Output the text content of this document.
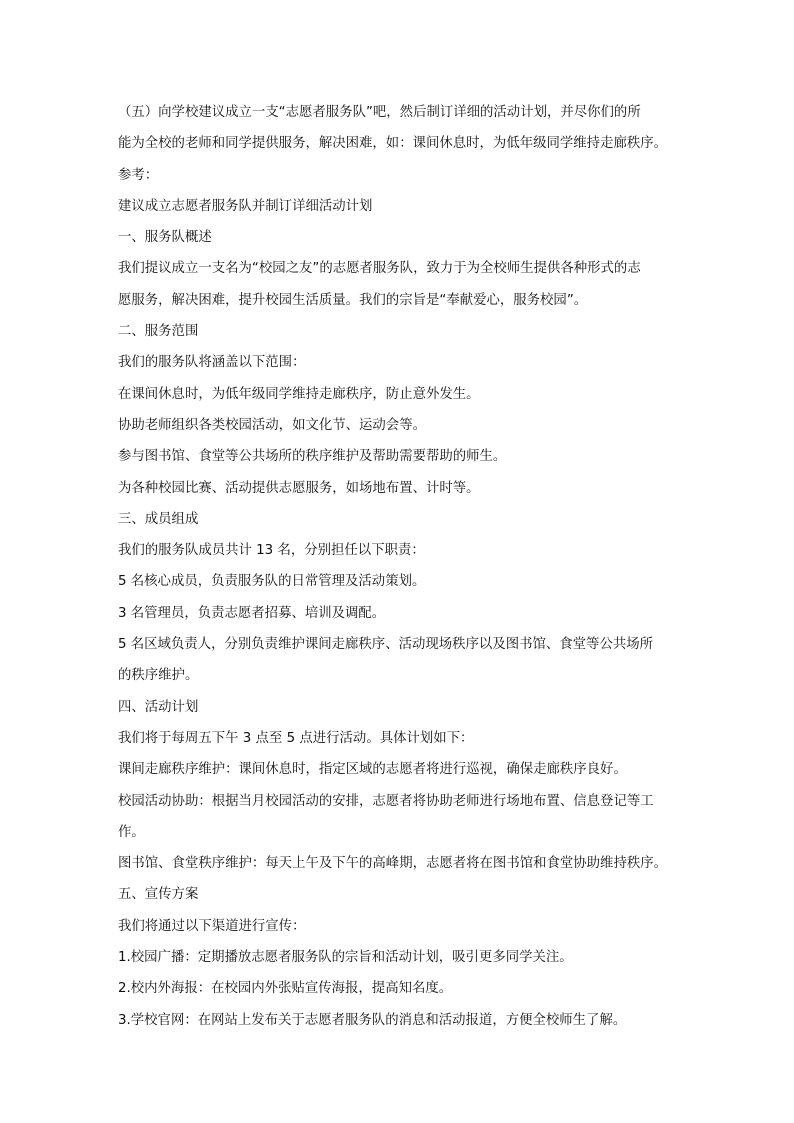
（五）向学校建议成立一支“志愿者服务队”吧，然后制订详细的活动计划，并尽你们的所
能为全校的老师和同学提供服务，解决困难，如：课间休息时，为低年级同学维持走廊秩序。
参考：
建议成立志愿者服务队并制订详细活动计划
一、服务队概述
我们提议成立一支名为“校园之友”的志愿者服务队，致力于为全校师生提供各种形式的志
愿服务，解决困难，提升校园生活质量。我们的宗旨是“奉献爱心，服务校园”。
二、服务范围
我们的服务队将涵盖以下范围：
在课间休息时，为低年级同学维持走廊秩序，防止意外发生。
协助老师组织各类校园活动，如文化节、运动会等。
参与图书馆、食堂等公共场所的秩序维护及帮助需要帮助的师生。
为各种校园比赛、活动提供志愿服务，如场地布置、计时等。
三、成员组成
我们的服务队成员共计 13 名，分别担任以下职责：
5 名核心成员，负责服务队的日常管理及活动策划。
3 名管理员，负责志愿者招募、培训及调配。
5 名区域负责人，分别负责维护课间走廊秩序、活动现场秩序以及图书馆、食堂等公共场所
的秩序维护。
四、活动计划
我们将于每周五下午 3 点至 5 点进行活动。具体计划如下：
课间走廊秩序维护：课间休息时，指定区域的志愿者将进行巡视，确保走廊秩序良好。
校园活动协助：根据当月校园活动的安排，志愿者将协助老师进行场地布置、信息登记等工
作。
图书馆、食堂秩序维护：每天上午及下午的高峰期，志愿者将在图书馆和食堂协助维持秩序。
五、宣传方案
我们将通过以下渠道进行宣传：
1.校园广播：定期播放志愿者服务队的宗旨和活动计划，吸引更多同学关注。
2.校内外海报：在校园内外张贴宣传海报，提高知名度。
3.学校官网：在网站上发布关于志愿者服务队的消息和活动报道，方便全校师生了解。
